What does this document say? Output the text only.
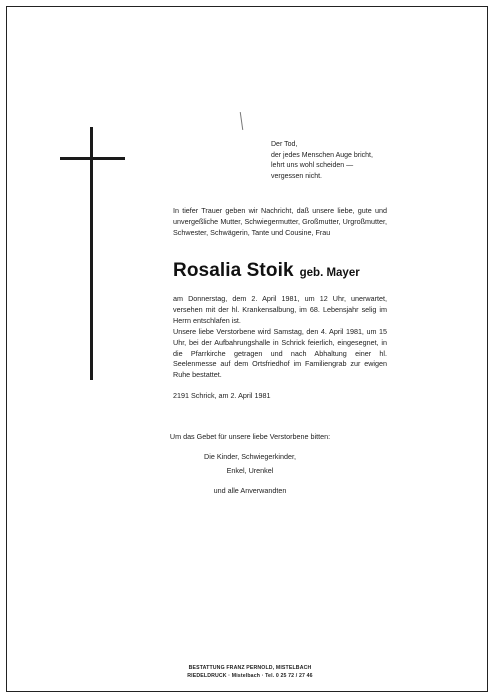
Der Tod,
der jedes Menschen Auge bricht,
lehrt uns wohl scheiden —
vergessen nicht.
In tiefer Trauer geben wir Nachricht, daß unsere liebe, gute und unvergeßliche Mutter, Schwiegermutter, Großmutter, Urgroßmutter, Schwester, Schwägerin, Tante und Cousine, Frau
Rosalia Stoik geb. Mayer
am Donnerstag, dem 2. April 1981, um 12 Uhr, unerwartet, versehen mit der hl. Krankensalbung, im 68. Lebensjahr selig im Herrn entschlafen ist.
Unsere liebe Verstorbene wird Samstag, den 4. April 1981, um 15 Uhr, bei der Aufbahrungshalle in Schrick feierlich, eingesegnet, in die Pfarrkirche getragen und nach Abhaltung einer hl. Seelenmesse auf dem Ortsfriedhof im Familiengrab zur ewigen Ruhe bestattet.
2191 Schrick, am 2. April 1981
Um das Gebet für unsere liebe Verstorbene bitten:
Die Kinder, Schwiegerkinder,
Enkel, Urenkel
und alle Anverwandten
BESTATTUNG FRANZ PERNOLD, MISTELBACH
RIEDELDRUCK · Mistelbach · Tel. 0 25 72 / 27 46
